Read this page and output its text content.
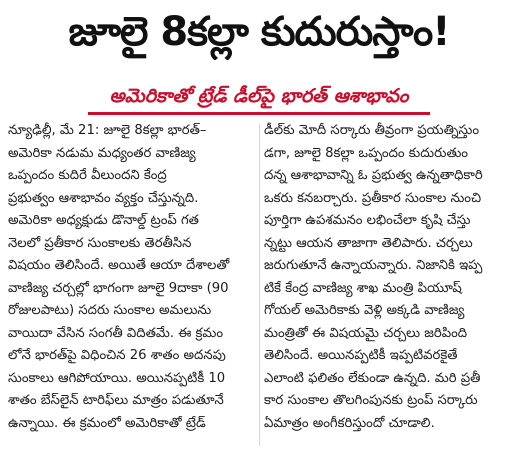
జూలై 8కల్లా కుదురుస్తాం!
అమెరికాతో ట్రేడ్ డీల్‌పై భారత్ ఆశాభావం
న్యూఢిల్లీ, మే 21: జూలై 8కల్లా భారత్–
అమెరికా నడుమ మధ్యంతర వాణిజ్య
ఒప్పందం కుదిరే వీలుందని కేంద్ర
ప్రభుత్వం ఆశాభావం వ్యక్తం చేస్తున్నది.
అమెరికా అధ్యక్షుడు డొనాల్డ్ ట్రంప్ గత
నెలలో ప్రతీకార సుంకాలకు తెరతీసిన
విషయం తెలిసిందే. అయితే ఆయా దేశాలతో
వాణిజ్య చర్చల్లో భాగంగా జూలై 9దాకా (90
రోజులపాటు) సదరు సుంకాల అమలును
వాయిదా వేసిన సంగతీ విదితమే. ఈ క్రమం
లోనే భారత్‌పై విధించిన 26 శాతం అదనపు
సుంకాలు ఆగిపోయాయి. అయినప్పటికీ 10
శాతం బేస్‌లైన్ టారిఫ్‌లు మాత్రం పడుతూనే
ఉన్నాయి. ఈ క్రమంలో అమెరికాతో ట్రేడ్
డీల్‌కు మోదీ సర్కారు తీవ్రంగా ప్రయత్నిస్తుం
డగా, జూలై 8కల్లా ఒప్పందం కుదురుతుం
దన్న ఆశాభావాన్ని ఓ ప్రభుత్వ ఉన్నతాధికారి
ఒకరు కనబర్చారు. ప్రతీకార సుంకాల నుంచి
పూర్తిగా ఉపశమనం లభించేలా కృషి చేస్తు
న్నట్టు ఆయన తాజాగా తెలిపారు. చర్చలు
జరుగుతూనే ఉన్నాయన్నారు. నిజానికి ఇప్ప
టికే కేంద్ర వాణిజ్య శాఖ మంత్రి పియూష్
గోయల్ అమెరికాకు వెళ్లి అక్కడి వాణిజ్య
మంత్రితో ఈ విషయమై చర్చలు జరిపింది
తెలిసిందే. అయినప్పటికీ ఇప్పటివరకైతే
ఎలాంటి ఫలితం లేకుండా ఉన్నది. మరి ప్రతీ
కార సుంకాల తొలగింపునకు ట్రంప్ సర్కారు
ఏమాత్రం అంగీకరిస్తుందో చూడాలి.
